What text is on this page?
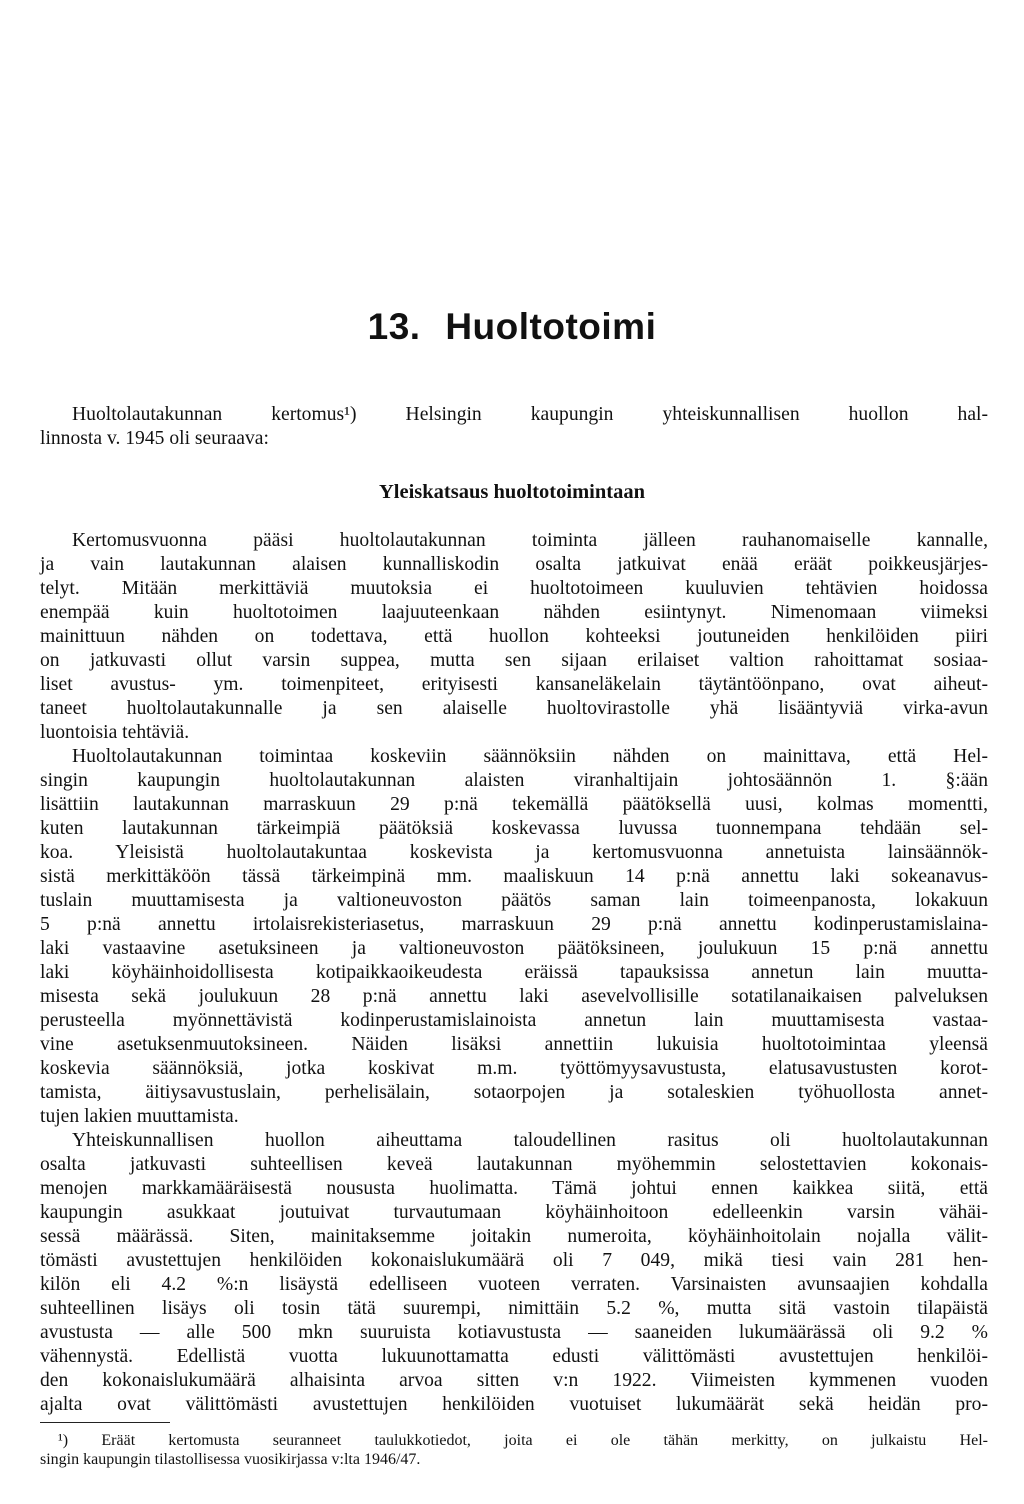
13. Huoltotoimi
Huoltolautakunnan kertomus¹) Helsingin kaupungin yhteiskunnallisen huollon hal-
linnosta v. 1945 oli seuraava:
Yleiskatsaus huoltotoimintaan
Kertomusvuonna pääsi huoltolautakunnan toiminta jälleen rauhanomaiselle kannalle,
ja vain lautakunnan alaisen kunnalliskodin osalta jatkuivat enää eräät poikkeusjärjes-
telyt. Mitään merkittäviä muutoksia ei huoltotoimeen kuuluvien tehtävien hoidossa
enempää kuin huoltotoimen laajuuteenkaan nähden esiintynyt. Nimenomaan viimeksi
mainittuun nähden on todettava, että huollon kohteeksi joutuneiden henkilöiden piiri
on jatkuvasti ollut varsin suppea, mutta sen sijaan erilaiset valtion rahoittamat sosiaa-
liset avustus- ym. toimenpiteet, erityisesti kansaneläkelain täytäntöönpano, ovat aiheut-
taneet huoltolautakunnalle ja sen alaiselle huoltovirastolle yhä lisääntyviä virka-avun
luontoisia tehtäviä.
Huoltolautakunnan toimintaa koskeviin säännöksiin nähden on mainittava, että Hel-
singin kaupungin huoltolautakunnan alaisten viranhaltijain johtosäännön 1. §:ään
lisättiin lautakunnan marraskuun 29 p:nä tekemällä päätöksellä uusi, kolmas momentti,
kuten lautakunnan tärkeimpiä päätöksiä koskevassa luvussa tuonnempana tehdään sel-
koa. Yleisistä huoltolautakuntaa koskevista ja kertomusvuonna annetuista lainsäännök-
sistä merkittäköön tässä tärkeimpinä mm. maaliskuun 14 p:nä annettu laki sokeanavus-
tuslain muuttamisesta ja valtioneuvoston päätös saman lain toimeenpanosta, lokakuun
5 p:nä annettu irtolaisrekisteriasetus, marraskuun 29 p:nä annettu kodinperustamislaina-
laki vastaavine asetuksineen ja valtioneuvoston päätöksineen, joulukuun 15 p:nä annettu
laki köyhäinhoidollisesta kotipaikkaoikeudesta eräissä tapauksissa annetun lain muutta-
misesta sekä joulukuun 28 p:nä annettu laki asevelvollisille sotatilanaikaisen palveluksen
perusteella myönnettävistä kodinperustamislainoista annetun lain muuttamisesta vastaa-
vine asetuksenmuutoksineen. Näiden lisäksi annettiin lukuisia huoltotoimintaa yleensä
koskevia säännöksiä, jotka koskivat m.m. työttömyysavustusta, elatusavustusten korot-
tamista, äitiysavustuslain, perhelisälain, sotaorpojen ja sotaleskien työhuollosta annet-
tujen lakien muuttamista.
Yhteiskunnallisen huollon aiheuttama taloudellinen rasitus oli huoltolautakunnan
osalta jatkuvasti suhteellisen keveä lautakunnan myöhemmin selostettavien kokonais-
menojen markkamääräisestä noususta huolimatta. Tämä johtui ennen kaikkea siitä, että
kaupungin asukkaat joutuivat turvautumaan köyhäinhoitoon edelleenkin varsin vähäi-
sessä määrässä. Siten, mainitaksemme joitakin numeroita, köyhäinhoitolain nojalla välit-
tömästi avustettujen henkilöiden kokonaislukumäärä oli 7 049, mikä tiesi vain 281 hen-
kilön eli 4.2 %:n lisäystä edelliseen vuoteen verraten. Varsinaisten avunsaajien kohdalla
suhteellinen lisäys oli tosin tätä suurempi, nimittäin 5.2 %, mutta sitä vastoin tilapäistä
avustusta — alle 500 mkn suuruista kotiavustusta — saaneiden lukumäärässä oli 9.2 %
vähennystä. Edellistä vuotta lukuunottamatta edusti välittömästi avustettujen henkilöi-
den kokonaislukumäärä alhaisinta arvoa sitten v:n 1922. Viimeisten kymmenen vuoden
ajalta ovat välittömästi avustettujen henkilöiden vuotuiset lukumäärät sekä heidän pro-
¹) Eräät kertomusta seuranneet taulukkotiedot, joita ei ole tähän merkitty, on julkaistu Hel-
singin kaupungin tilastollisessa vuosikirjassa v:lta 1946/47.
